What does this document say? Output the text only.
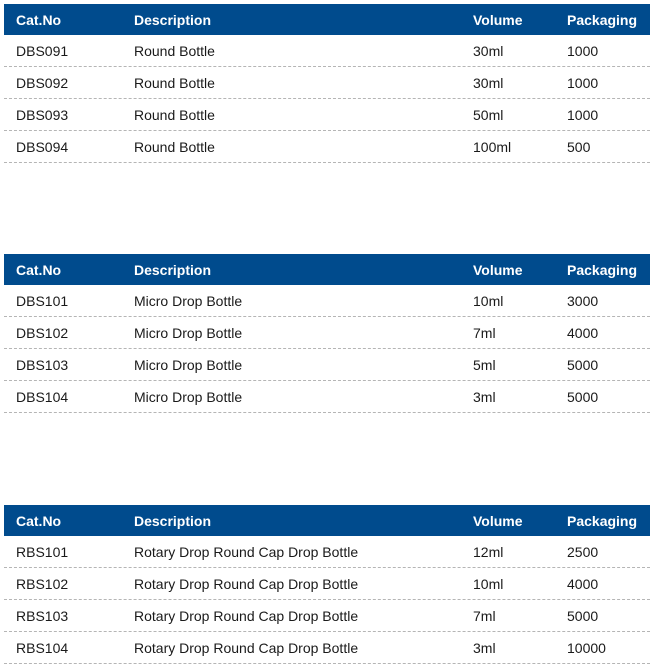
Cat.No	Description	Volume	Packaging
DBS091	Round Bottle	30ml	1000
DBS092	Round Bottle	30ml	1000
DBS093	Round Bottle	50ml	1000
DBS094	Round Bottle	100ml	500
Cat.No	Description	Volume	Packaging
DBS101	Micro Drop Bottle	10ml	3000
DBS102	Micro Drop Bottle	7ml	4000
DBS103	Micro Drop Bottle	5ml	5000
DBS104	Micro Drop Bottle	3ml	5000
Cat.No	Description	Volume	Packaging
RBS101	Rotary Drop Round Cap Drop Bottle	12ml	2500
RBS102	Rotary Drop Round Cap Drop Bottle	10ml	4000
RBS103	Rotary Drop Round Cap Drop Bottle	7ml	5000
RBS104	Rotary Drop Round Cap Drop Bottle	3ml	10000
